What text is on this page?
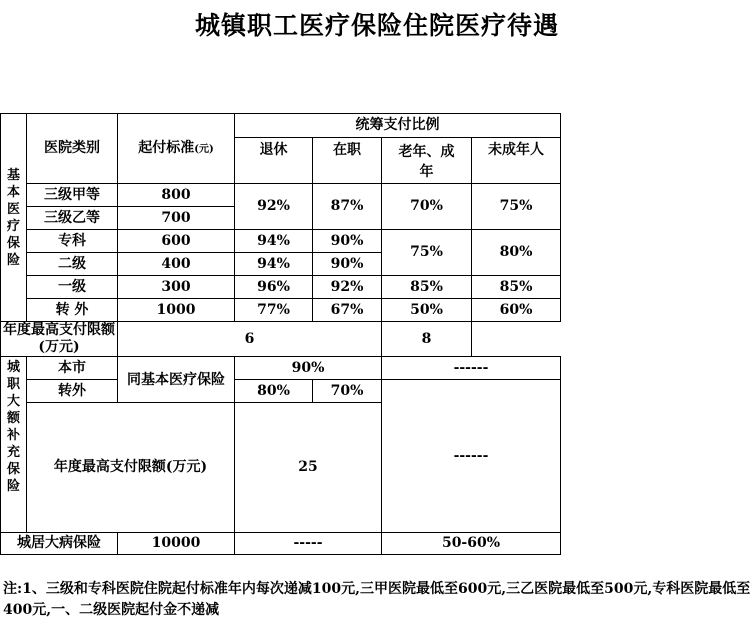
城镇职工医疗保险住院医疗待遇
基本医疗保险	医院类别	起付标准(元)	统筹支付比例			
			退休	在职	老年、成年	未成年人
	三级甲等	800	92%	87%	70%	75%
	三级乙等	700				
	专科	600	94%	90%	75%	80%
	二级	400	94%	90%		
	一级	300	96%	92%	85%	85%
	转 外	1000	77%	67%	50%	60%
年度最高支付限额(万元)		6			8	

城职大额补充保险	本市	同基本医疗保险	90%		------	
	转外		80%	70%	------	
	年度最高支付限额(万元)		25			
城居大病保险		10000	-----		50-60%	
注:1、三级和专科医院住院起付标准年内每次递减100元,三甲医院最低至600元,三乙医院最低至500元,专科医院最低至400元,一、二级医院起付金不递减
